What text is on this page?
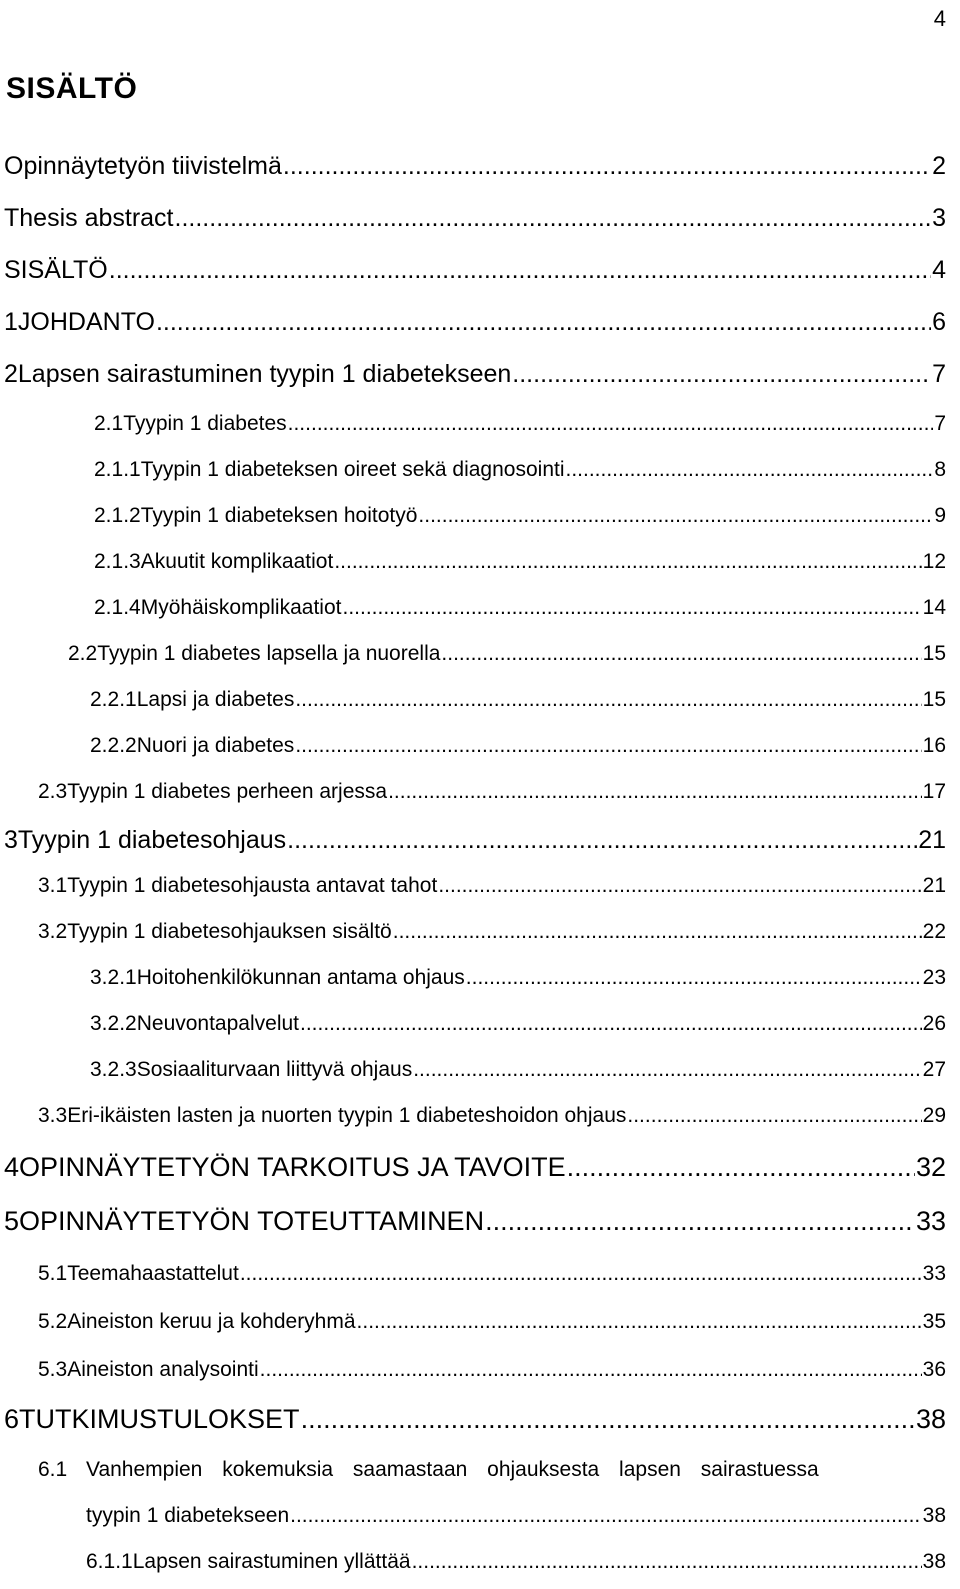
4
SISÄLTÖ
Opinnäytetyön tiivistelmä .....	2
Thesis abstract .....	3
SISÄLTÖ .....	4
1 JOHDANTO .....	6
2 Lapsen sairastuminen tyypin 1 diabetekseen .....	7
2.1 Tyypin 1 diabetes .....	7
2.1.1 Tyypin 1 diabeteksen oireet sekä diagnosointi .....	8
2.1.2 Tyypin 1 diabeteksen hoitotyö .....	9
2.1.3 Akuutit komplikaatiot .....	12
2.1.4 Myöhäiskomplikaatiot .....	14
2.2 Tyypin 1 diabetes lapsella ja nuorella .....	15
2.2.1 Lapsi ja diabetes .....	15
2.2.2 Nuori ja diabetes .....	16
2.3 Tyypin 1 diabetes perheen arjessa .....	17
3 Tyypin 1 diabetesohjaus .....	21
3.1 Tyypin 1 diabetesohjausta antavat tahot .....	21
3.2 Tyypin 1 diabetesohjauksen sisältö .....	22
3.2.1 Hoitohenkilökunnan antama ohjaus .....	23
3.2.2 Neuvontapalvelut .....	26
3.2.3 Sosiaaliturvaan liittyvä ohjaus .....	27
3.3 Eri-ikäisten lasten ja nuorten tyypin 1 diabeteshoidon ohjaus .....	29
4 OPINNÄYTETYÖN TARKOITUS JA TAVOITE .....	32
5 OPINNÄYTETYÖN TOTEUTTAMINEN .....	33
5.1 Teemahaastattelut .....	33
5.2 Aineiston keruu ja kohderyhmä .....	35
5.3 Aineiston analysointi .....	36
6 TUTKIMUSTULOKSET .....	38
6.1 Vanhempien kokemuksia saamastaan ohjauksesta lapsen sairastuessa
tyypin 1 diabetekseen .....	38
6.1.1 Lapsen sairastuminen yllättää .....	38
